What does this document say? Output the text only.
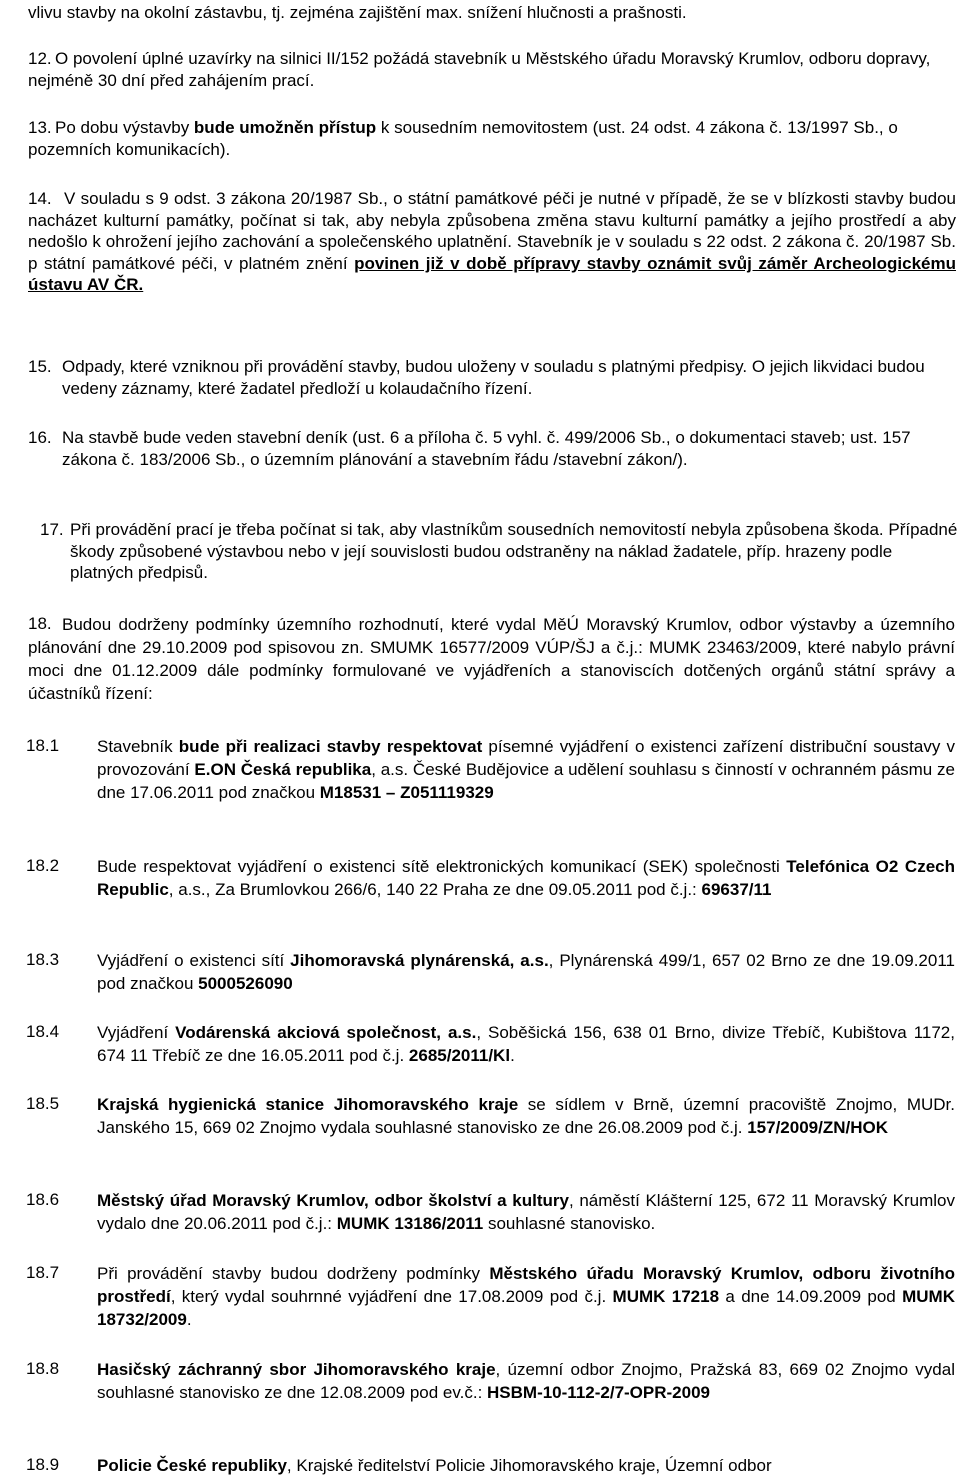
vlivu stavby na okolní zástavbu, tj. zejména zajištění max. snížení hlučnosti a prašnosti.

12. O povolení úplné uzavírky na silnici II/152 požádá stavebník u Městského úřadu Moravský Krumlov, odboru dopravy, nejméně 30 dní před zahájením prací.

13. Po dobu výstavby bude umožněn přístup k sousedním nemovitostem (ust. 24 odst. 4 zákona č. 13/1997 Sb., o pozemních komunikacích).

14. V souladu s 9 odst. 3 zákona 20/1987 Sb., o státní památkové péči je nutné v případě, že se v blízkosti stavby budou nacházet kulturní památky, počínat si tak, aby nebyla způsobena změna stavu kulturní památky a jejího prostředí a aby nedošlo k ohrožení jejího zachování a společenského uplatnění. Stavebník je v souladu s 22 odst. 2 zákona č. 20/1987 Sb. p státní památkové péči, v platném znění povinen již v době přípravy stavby oznámit svůj záměr Archeologickému ústavu AV ČR.

15. Odpady, které vzniknou při provádění stavby, budou uloženy v souladu s platnými předpisy. O jejich likvidaci budou vedeny záznamy, které žadatel předloží u kolaudačního řízení.

16. Na stavbě bude veden stavební deník (ust. 6 a příloha č. 5 vyhl. č. 499/2006 Sb., o dokumentaci staveb; ust. 157 zákona č. 183/2006 Sb., o územním plánování a stavebním řádu /stavební zákon/).

17. Při provádění prací je třeba počínat si tak, aby vlastníkům sousedních nemovitostí nebyla způsobena škoda. Případné škody způsobené výstavbou nebo v její souvislosti budou odstraněny na náklad žadatele, příp. hrazeny podle platných předpisů.

18. Budou dodrženy podmínky územního rozhodnutí, které vydal MěÚ Moravský Krumlov, odbor výstavby a územního plánování dne 29.10.2009 pod spisovou zn. SMUMK 16577/2009 VÚP/ŠJ a č.j.: MUMK 23463/2009, které nabylo právní moci dne 01.12.2009 dále podmínky formulované ve vyjádřeních a stanoviscích dotčených orgánů státní správy a účastníků řízení:

18.1 Stavebník bude při realizaci stavby respektovat písemné vyjádření o existenci zařízení distribuční soustavy v provozování E.ON Česká republika, a.s. České Budějovice a udělení souhlasu s činností v ochranném pásmu ze dne 17.06.2011 pod značkou M18531 – Z051119329

18.2 Bude respektovat vyjádření o existenci sítě elektronických komunikací (SEK) společnosti Telefónica O2 Czech Republic, a.s., Za Brumlovkou 266/6, 140 22 Praha ze dne 09.05.2011 pod č.j.: 69637/11

18.3 Vyjádření o existenci sítí Jihomoravská plynárenská, a.s., Plynárenská 499/1, 657 02 Brno ze dne 19.09.2011 pod značkou 5000526090

18.4 Vyjádření Vodárenská akciová společnost, a.s., Soběšická 156, 638 01 Brno, divize Třebíč, Kubištova 1172, 674 11 Třebíč ze dne 16.05.2011 pod č.j. 2685/2011/Kl.

18.5 Krajská hygienická stanice Jihomoravského kraje se sídlem v Brně, územní pracoviště Znojmo, MUDr. Janského 15, 669 02 Znojmo vydala souhlasné stanovisko ze dne 26.08.2009 pod č.j. 157/2009/ZN/HOK

18.6 Městský úřad Moravský Krumlov, odbor školství a kultury, náměstí Klášterní 125, 672 11 Moravský Krumlov vydalo dne 20.06.2011 pod č.j.: MUMK 13186/2011 souhlasné stanovisko.

18.7 Při provádění stavby budou dodrženy podmínky Městského úřadu Moravský Krumlov, odboru životního prostředí, který vydal souhrnné vyjádření dne 17.08.2009 pod č.j. MUMK 17218 a dne 14.09.2009 pod MUMK 18732/2009.

18.8 Hasičský záchranný sbor Jihomoravského kraje, územní odbor Znojmo, Pražská 83, 669 02 Znojmo vydal souhlasné stanovisko ze dne 12.08.2009 pod ev.č.: HSBM-10-112-2/7-OPR-2009

18.9 Policie České republiky, Krajské ředitelství Policie Jihomoravského kraje, Územní odbor
